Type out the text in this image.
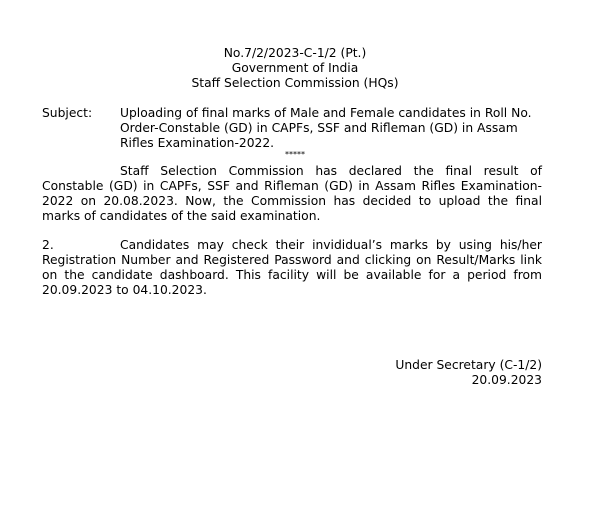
No.7/2/2023-C-1/2 (Pt.)
Government of India
Staff Selection Commission (HQs)
Subject: Uploading of final marks of Male and Female candidates in Roll No. Order-Constable (GD) in CAPFs, SSF and Rifleman (GD) in Assam Rifles Examination-2022.
*****
Staff Selection Commission has declared the final result of Constable (GD) in CAPFs, SSF and Rifleman (GD) in Assam Rifles Examination-2022 on 20.08.2023. Now, the Commission has decided to upload the final marks of candidates of the said examination.
2.	Candidates may check their invididual’s marks by using his/her Registration Number and Registered Password and clicking on Result/Marks link on the candidate dashboard. This facility will be available for a period from 20.09.2023 to 04.10.2023.
Under Secretary (C-1/2)
20.09.2023
